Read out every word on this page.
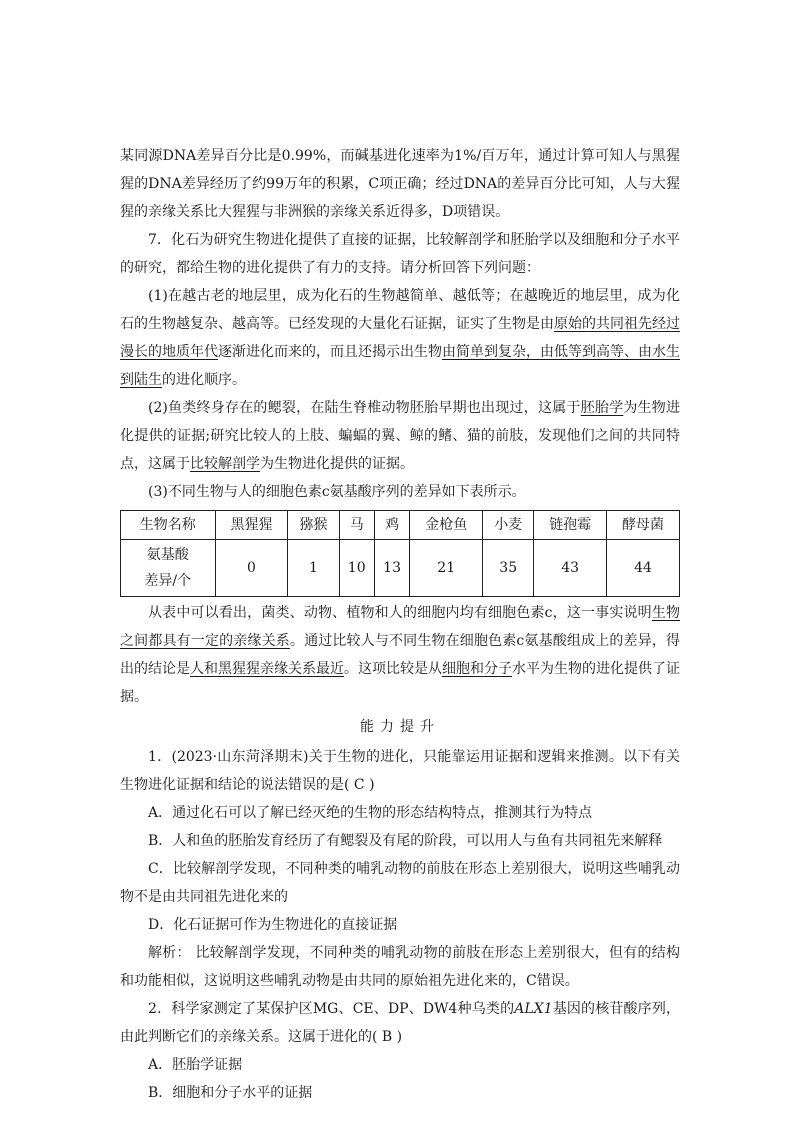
某同源DNA差异百分比是0.99%，而碱基进化速率为1%/百万年，通过计算可知人与黑猩猩的DNA差异经历了约99万年的积累，C项正确；经过DNA的差异百分比可知，人与大猩猩的亲缘关系比大猩猩与非洲猴的亲缘关系近得多，D项错误。

7．化石为研究生物进化提供了直接的证据，比较解剖学和胚胎学以及细胞和分子水平的研究，都给生物的进化提供了有力的支持。请分析回答下列问题：

(1)在越古老的地层里，成为化石的生物越简单、越低等；在越晚近的地层里，成为化石的生物越复杂、越高等。已经发现的大量化石证据，证实了生物是由原始的共同祖先经过漫长的地质年代逐渐进化而来的，而且还揭示出生物由简单到复杂，由低等到高等、由水生到陆生的进化顺序。

(2)鱼类终身存在的鳃裂，在陆生脊椎动物胚胎早期也出现过，这属于胚胎学为生物进化提供的证据;研究比较人的上肢、蝙蝠的翼、鲸的鳍、猫的前肢，发现他们之间的共同特点，这属于比较解剖学为生物进化提供的证据。

(3)不同生物与人的细胞色素c氨基酸序列的差异如下表所示。

生物名称	黑猩猩	猕猴	马	鸡	金枪鱼	小麦	链孢霉	酵母菌
氨基酸
差异/个	0	1	10	13	21	35	43	44

从表中可以看出，菌类、动物、植物和人的细胞内均有细胞色素c，这一事实说明生物之间都具有一定的亲缘关系。通过比较人与不同生物在细胞色素c氨基酸组成上的差异，得出的结论是人和黑猩猩亲缘关系最近。这项比较是从细胞和分子水平为生物的进化提供了证据。

能力提升

1．(2023·山东菏泽期末)关于生物的进化，只能靠运用证据和逻辑来推测。以下有关生物进化证据和结论的说法错误的是( C )

A．通过化石可以了解已经灭绝的生物的形态结构特点，推测其行为特点

B．人和鱼的胚胎发育经历了有鳃裂及有尾的阶段，可以用人与鱼有共同祖先来解释

C．比较解剖学发现，不同种类的哺乳动物的前肢在形态上差别很大，说明这些哺乳动物不是由共同祖先进化来的

D．化石证据可作为生物进化的直接证据

解析： 比较解剖学发现，不同种类的哺乳动物的前肢在形态上差别很大，但有的结构和功能相似，这说明这些哺乳动物是由共同的原始祖先进化来的，C错误。

2．科学家测定了某保护区MG、CE、DP、DW4种乌类的ALX1基因的核苷酸序列，由此判断它们的亲缘关系。这属于进化的( B )

A．胚胎学证据

B．细胞和分子水平的证据
